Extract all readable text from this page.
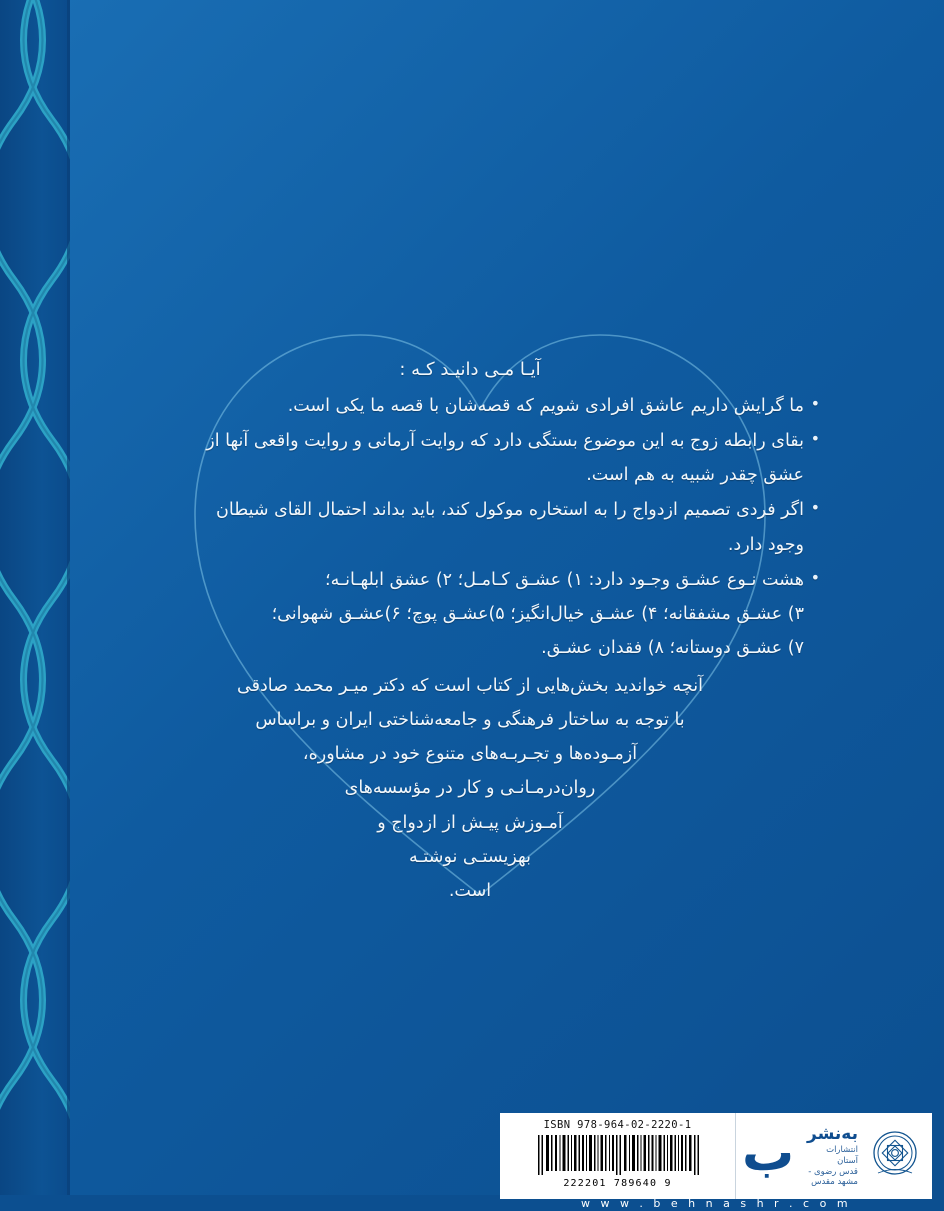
آیـا مـی دانیـد کـه :
• ما گرایش داریم عاشق افرادی شویم که قصه‌شان با قصه ما یکی است.
• بقای رابطه زوج به این موضوع بستگی دارد که روایت آرمانی و روایت واقعی آنها از
عشق چقدر شبیه به هم است.
• اگر فردی تصمیم ازدواج را به استخاره موکول کند، باید بداند احتمال القای شیطان
وجود دارد.
• هشت نـوع عشـق وجـود دارد: ۱) عشـق کـامـل؛ ۲) عشق ابلهـانـه؛
۳) عشـق مشفقانه؛ ۴) عشـق خیال‌انگیز؛ ۵)عشـق پوچ؛ ۶)عشـق شهوانی؛
۷) عشـق دوستانه؛ ۸) فقدان عشـق.

آنچه خواندید بخش‌هایی از کتاب است که دکتر میـر محمد صادقی

با توجه به ساختار فرهنگی و جامعه‌شناختی ایران و براساس

آزمـوده‌ها و تجـربـه‌های متنوع خود در مشاوره،

روان‌درمـانـی و کار در مؤسسه‌های

آمـوزش پیـش از ازدواج و

بهزیستـی نوشتـه

است.

به‌نشر
انتشارات آستان
قدس رضوی - مشهد مقدس
ب
ISBN 978-964-02-2220-1
9 789640 222201
w w w . b e h n a s h r . c o m
